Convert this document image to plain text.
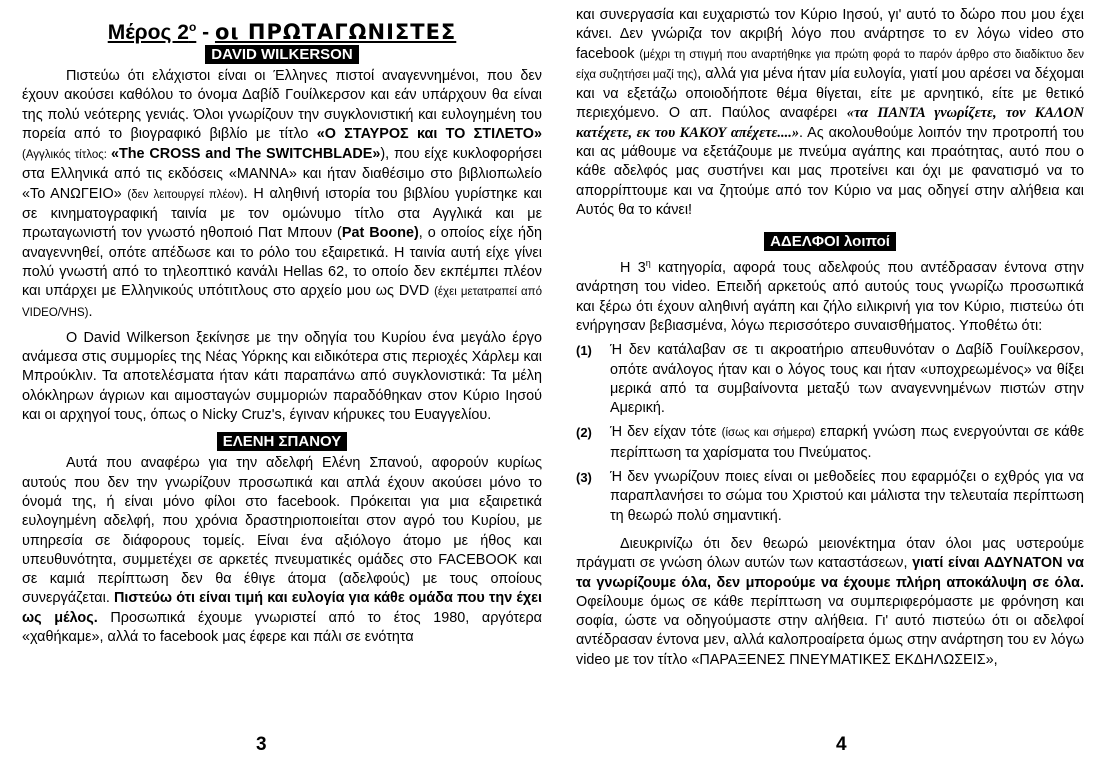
Μέρος $2^o$ - οι ΠΡΩΤΑΓΩΝΙΣΤΕΣ
DAVID WILKERSON

Πιστεύω ότι ελάχιστοι είναι οι Έλληνες πιστοί αναγεννημένοι, που δεν έχουν ακούσει καθόλου το όνομα Δαβίδ Γουίλκερσον και εάν υπάρχουν θα είναι της πολύ νεότερης γενιάς. Όλοι γνωρίζουν την συγκλονιστική και ευλογημένη του πορεία από το βιογραφικό βιβλίο με τίτλο «Ο ΣΤΑΥΡΟΣ και ΤΟ ΣΤΙΛΕΤΟ» (Αγγλικός τίτλος: «The CROSS and The SWITCHBLADE»), που είχε κυκλοφορήσει στα Ελληνικά από τις εκδόσεις «ΜΑΝΝΑ» και ήταν διαθέσιμο στο βιβλιοπωλείο «Το ΑΝΩΓΕΙΟ» (δεν λειτουργεί πλέον). Η αληθινή ιστορία του βιβλίου γυρίστηκε και σε κινηματογραφική ταινία με τον ομώνυμο τίτλο στα Αγγλικά και με πρωταγωνιστή τον γνωστό ηθοποιό Πατ Μπουν (Pat Boone), ο οποίος είχε ήδη αναγεννηθεί, οπότε απέδωσε και το ρόλο του εξαιρετικά. Η ταινία αυτή είχε γίνει πολύ γνωστή από το τηλεοπτικό κανάλι Hellas 62, το οποίο δεν εκπέμπει πλέον και υπάρχει με Ελληνικούς υπότιτλους στο αρχείο μου ως DVD (έχει μετατραπεί από VIDEO/VHS).

Ο David Wilkerson ξεκίνησε με την οδηγία του Κυρίου ένα μεγάλο έργο ανάμεσα στις συμμορίες της Νέας Υόρκης και ειδικότερα στις περιοχές Χάρλεμ και Μπρούκλιν. Τα αποτελέσματα ήταν κάτι παραπάνω από συγκλονιστικά: Τα μέλη ολόκληρων άγριων και αιμοσταγών συμμοριών παραδόθηκαν στον Κύριο Ιησού και οι αρχηγοί τους, όπως ο Nicky Cruz's, έγιναν κήρυκες του Ευαγγελίου.

ΕΛΕΝΗ ΣΠΑΝΟΥ

Αυτά που αναφέρω για την αδελφή Ελένη Σπανού, αφορούν κυρίως αυτούς που δεν την γνωρίζουν προσωπικά και απλά έχουν ακούσει μόνο το όνομά της, ή είναι μόνο φίλοι στο facebook. Πρόκειται για μια εξαιρετικά ευλογημένη αδελφή, που χρόνια δραστηριοποιείται στον αγρό του Κυρίου, με υπηρεσία σε διάφορους τομείς. Είναι ένα αξιόλογο άτομο με ήθος και υπευθυνότητα, συμμετέχει σε αρκετές πνευματικές ομάδες στο FACEBOOK και σε καμιά περίπτωση δεν θα έθιγε άτομα (αδελφούς) με τους οποίους συνεργάζεται. Πιστεύω ότι είναι τιμή και ευλογία για κάθε ομάδα που την έχει ως μέλος. Προσωπικά έχουμε γνωριστεί από το έτος 1980, αργότερα «χαθήκαμε», αλλά το facebook μας έφερε και πάλι σε ενότητα

και συνεργασία και ευχαριστώ τον Κύριο Ιησού, γι' αυτό το δώρο που μου έχει κάνει. Δεν γνώριζα τον ακριβή λόγο που ανάρτησε το εν λόγω video στο facebook (μέχρι τη στιγμή που αναρτήθηκε για πρώτη φορά το παρόν άρθρο στο διαδίκτυο δεν είχα συζητήσει μαζί της), αλλά για μένα ήταν μία ευλογία, γιατί μου αρέσει να δέχομαι και να εξετάζω οποιοδήποτε θέμα θίγεται, είτε με αρνητικό, είτε με θετικό περιεχόμενο. Ο απ. Παύλος αναφέρει «τα ΠΑΝΤΑ γνωρίζετε, τον ΚΑΛΟΝ κατέχετε, εκ του ΚΑΚΟΥ απέχετε....». Ας ακολουθούμε λοιπόν την προτροπή του και ας μάθουμε να εξετάζουμε με πνεύμα αγάπης και πραότητας, αυτό που ο κάθε αδελφός μας συστήνει και μας προτείνει και όχι με φανατισμό να το απορρίπτουμε και να ζητούμε από τον Κύριο να μας οδηγεί στην αλήθεια και Αυτός θα το κάνει!

ΑΔΕΛΦΟΙ λοιποί

Η $3^\eta$ κατηγορία, αφορά τους αδελφούς που αντέδρασαν έντονα στην ανάρτηση του video. Επειδή αρκετούς από αυτούς τους γνωρίζω προσωπικά και ξέρω ότι έχουν αληθινή αγάπη και ζήλο ειλικρινή για τον Κύριο, πιστεύω ότι ενήργησαν βεβιασμένα, λόγω περισσότερο συναισθήματος. Υποθέτω ότι:

(1)	Ή δεν κατάλαβαν σε τι ακροατήριο απευθυνόταν ο Δαβίδ Γουίλκερσον, οπότε ανάλογος ήταν και ο λόγος τους και ήταν «υποχρεωμένος» να θίξει μερικά από τα συμβαίνοντα μεταξύ των αναγεννημένων πιστών στην Αμερική.

(2)	Ή δεν είχαν τότε (ίσως και σήμερα) επαρκή γνώση πως ενεργούνται σε κάθε περίπτωση τα χαρίσματα του Πνεύματος.

(3)	Ή δεν γνωρίζουν ποιες είναι οι μεθοδείες που εφαρμόζει ο εχθρός για να παραπλανήσει το σώμα του Χριστού και μάλιστα την τελευταία περίπτωση τη θεωρώ πολύ σημαντική.

Διευκρινίζω ότι δεν θεωρώ μειονέκτημα όταν όλοι μας υστερούμε πράγματι σε γνώση όλων αυτών των καταστάσεων, γιατί είναι ΑΔΥΝΑΤΟΝ να τα γνωρίζουμε όλα, δεν μπορούμε να έχουμε πλήρη αποκάλυψη σε όλα. Οφείλουμε όμως σε κάθε περίπτωση να συμπεριφερόμαστε με φρόνηση και σοφία, ώστε να οδηγούμαστε στην αλήθεια. Γι' αυτό πιστεύω ότι οι αδελφοί αντέδρασαν έντονα μεν, αλλά καλοπροαίρετα όμως στην ανάρτηση του εν λόγω video με τον τίτλο «ΠΑΡΑΞΕΝΕΣ ΠΝΕΥΜΑΤΙΚΕΣ ΕΚΔΗΛΩΣΕΙΣ»,

3	4
